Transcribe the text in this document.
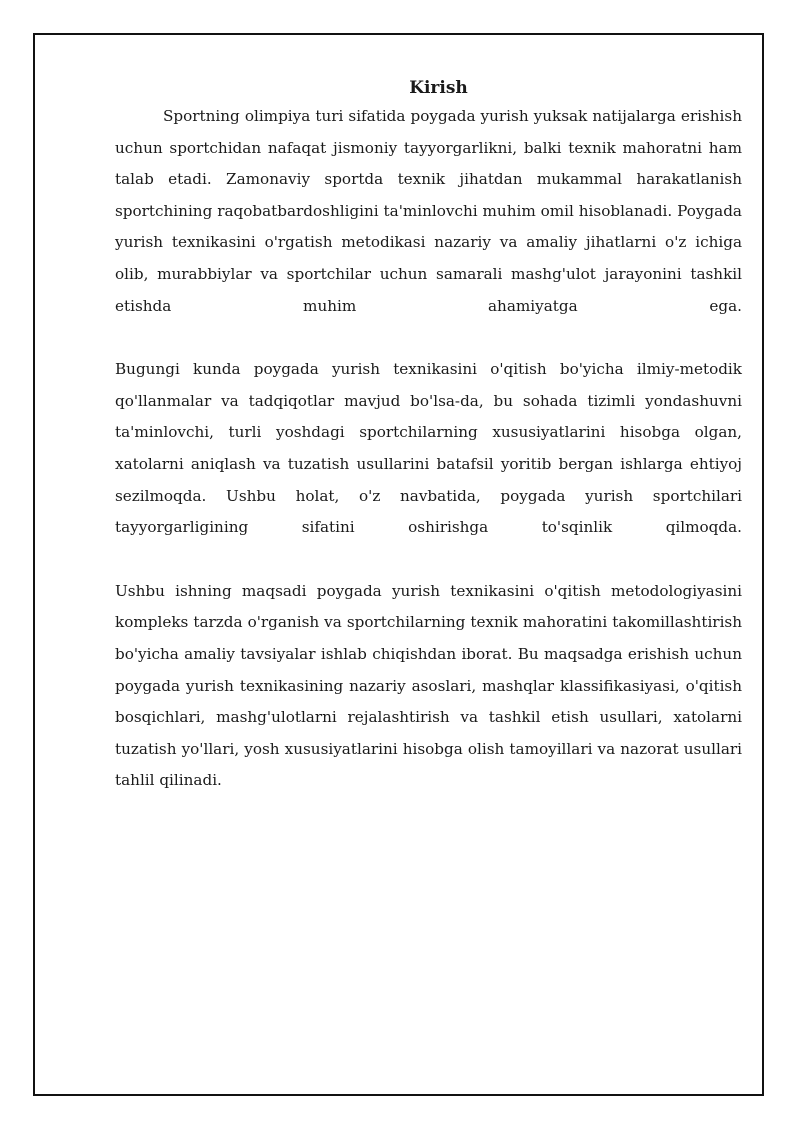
Kirish

Sportning olimpiya turi sifatida poygada yurish yuksak natijalarga erishish uchun sportchidan nafaqat jismoniy tayyorgarlikni, balki texnik mahoratni ham talab etadi. Zamonaviy sportda texnik jihatdan mukammal harakatlanish sportchining raqobatbardoshligini ta'minlovchi muhim omil hisoblanadi. Poygada yurish texnikasini o'rgatish metodikasi nazariy va amaliy jihatlarni o'z ichiga olib, murabbiylar va sportchilar uchun samarali mashg'ulot jarayonini tashkil etishda muhim ahamiyatga ega.

Bugungi kunda poygada yurish texnikasini o'qitish bo'yicha ilmiy-metodik qo'llanmalar va tadqiqotlar mavjud bo'lsa-da, bu sohada tizimli yondashuvni ta'minlovchi, turli yoshdagi sportchilarning xususiyatlarini hisobga olgan, xatolarni aniqlash va tuzatish usullarini batafsil yoritib bergan ishlarga ehtiyoj sezilmoqda. Ushbu holat, o'z navbatida, poygada yurish sportchilari tayyorgarligining sifatini oshirishga to'sqinlik qilmoqda.

Ushbu ishning maqsadi poygada yurish texnikasini o'qitish metodologiyasini kompleks tarzda o'rganish va sportchilarning texnik mahoratini takomillashtirish bo'yicha amaliy tavsiyalar ishlab chiqishdan iborat. Bu maqsadga erishish uchun poygada yurish texnikasining nazariy asoslari, mashqlar klassifikasiyasi, o'qitish bosqichlari, mashg'ulotlarni rejalashtirish va tashkil etish usullari, xatolarni tuzatish yo'llari, yosh xususiyatlarini hisobga olish tamoyillari va nazorat usullari tahlil qilinadi.
